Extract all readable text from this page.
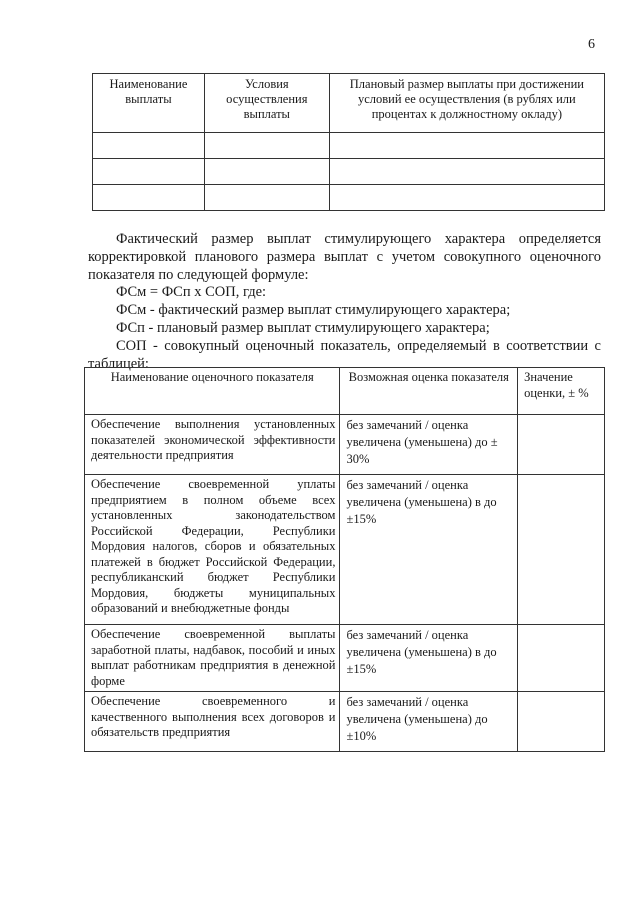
6
Наименование выплаты	Условия осуществления выплаты	Плановый размер выплаты при достижении условий ее осуществления (в рублях или процентах к должностному окладу)

Фактический размер выплат стимулирующего характера определяется корректировкой планового размера выплат с учетом совокупного оценочного показателя по следующей формуле:

ФСм = ФСп х СОП, где:

ФСм - фактический размер выплат стимулирующего характера;

ФСп - плановый размер выплат стимулирующего характера;

СОП - совокупный оценочный показатель, определяемый в соответствии с таблицей:

Наименование оценочного показателя	Возможная оценка показателя	Значение оценки, ± %
Обеспечение выполнения установленных показателей экономической эффективности деятельности предприятия	без замечаний / оценка увеличена (уменьшена) до ± 30%	
Обеспечение своевременной уплаты предприятием в полном объеме всех установленных законодательством Российской Федерации, Республики Мордовия налогов, сборов и обязательных платежей в бюджет Российской Федерации, республиканский бюджет Республики Мордовия, бюджеты муниципальных образований и внебюджетные фонды	без замечаний / оценка увеличена (уменьшена) в до ±15%	
Обеспечение своевременной выплаты заработной платы, надбавок, пособий и иных выплат работникам предприятия в денежной форме	без замечаний / оценка увеличена (уменьшена) в до ±15%	
Обеспечение своевременного и качественного выполнения всех договоров и обязательств предприятия	без замечаний / оценка увеличена (уменьшена) до ±10%	
